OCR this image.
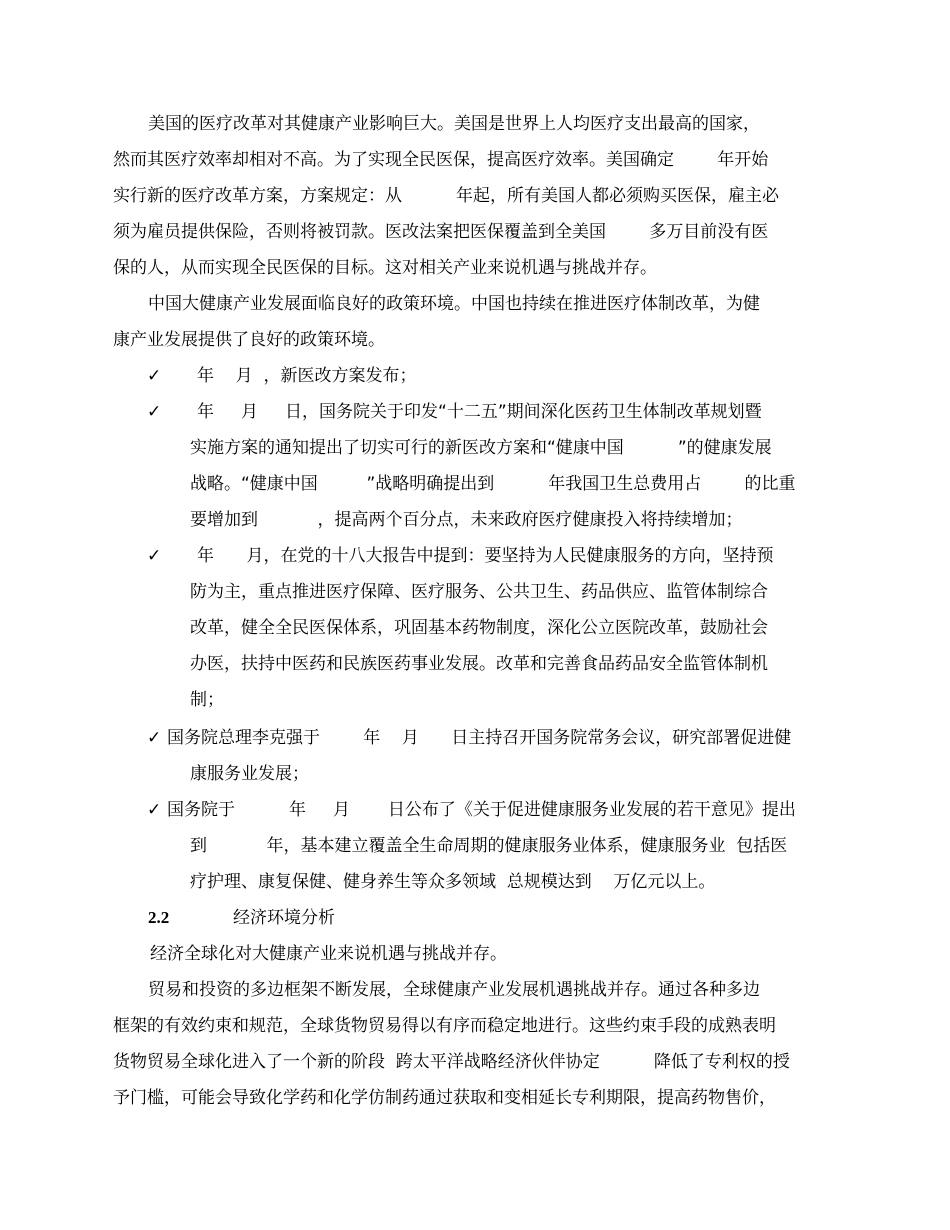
美国的医疗改革对其健康产业影响巨大。美国是世界上人均医疗支出最高的国家，
然而其医疗效率却相对不高。为了实现全民医保，提高医疗效率。美国确定        年开始
实行新的医疗改革方案，方案规定：从          年起，所有美国人都必须购买医保，雇主必
须为雇员提供保险，否则将被罚款。医改法案把医保覆盖到全美国        多万目前没有医
保的人，从而实现全民医保的目标。这对相关产业来说机遇与挑战并存。
中国大健康产业发展面临良好的政策环境。中国也持续在推进医疗体制改革，为健
康产业发展提供了良好的政策环境。
✓ 年    月  ，新医改方案发布；
✓ 年     月     日，国务院关于印发“十二五”期间深化医药卫生体制改革规划暨
实施方案的通知提出了切实可行的新医改方案和“健康中国          ”的健康发展
战略。“健康中国         ”战略明确提出到          年我国卫生总费用占        的比重
要增加到           ，提高两个百分点，未来政府医疗健康投入将持续增加；
✓ 年      月，在党的十八大报告中提到：要坚持为人民健康服务的方向，坚持预
防为主，重点推进医疗保障、医疗服务、公共卫生、药品供应、监管体制综合
改革，健全全民医保体系，巩固基本药物制度，深化公立医院改革，鼓励社会
办医，扶持中医药和民族医药事业发展。改革和完善食品药品安全监管体制机
制；
✓ 国务院总理李克强于        年    月      日主持召开国务院常务会议，研究部署促进健
康服务业发展；
✓ 国务院于          年     月       日公布了《关于促进健康服务业发展的若干意见》提出
到           年，基本建立覆盖全生命周期的健康服务业体系，健康服务业  包括医
疗护理、康复保健、健身养生等众多领域  总规模达到    万亿元以上。
2.2	经济环境分析
经济全球化对大健康产业来说机遇与挑战并存。
贸易和投资的多边框架不断发展，全球健康产业发展机遇挑战并存。通过各种多边
框架的有效约束和规范，全球货物贸易得以有序而稳定地进行。这些约束手段的成熟表明
货物贸易全球化进入了一个新的阶段  跨太平洋战略经济伙伴协定          降低了专利权的授
予门槛，可能会导致化学药和化学仿制药通过获取和变相延长专利期限，提高药物售价，
